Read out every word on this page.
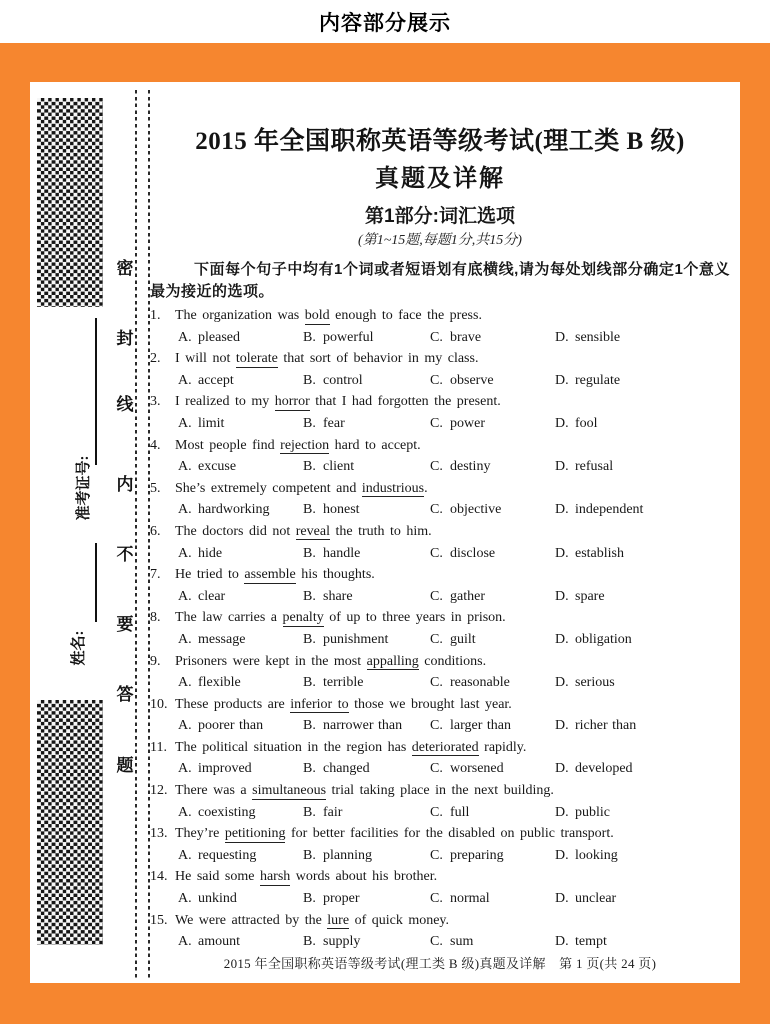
内容部分展示
准考证号:
姓名:
密
封
线
内
不
要
答
题
2015 年全国职称英语等级考试(理工类 B 级)
真题及详解
第1部分:词汇选项
(第1~15题,每题1分,共15分)
下面每个句子中均有1个词或者短语划有底横线,请为每处划线部分确定1个意义最为接近的选项。
1. The organization was bold enough to face the press.
A. pleased	B. powerful	C. brave	D. sensible
2. I will not tolerate that sort of behavior in my class.
A. accept	B. control	C. observe	D. regulate
3. I realized to my horror that I had forgotten the present.
A. limit	B. fear	C. power	D. fool
4. Most people find rejection hard to accept.
A. excuse	B. client	C. destiny	D. refusal
5. She’s extremely competent and industrious.
A. hardworking	B. honest	C. objective	D. independent
6. The doctors did not reveal the truth to him.
A. hide	B. handle	C. disclose	D. establish
7. He tried to assemble his thoughts.
A. clear	B. share	C. gather	D. spare
8. The law carries a penalty of up to three years in prison.
A. message	B. punishment	C. guilt	D. obligation
9. Prisoners were kept in the most appalling conditions.
A. flexible	B. terrible	C. reasonable	D. serious
10. These products are inferior to those we brought last year.
A. poorer than	B. narrower than	C. larger than	D. richer than
11. The political situation in the region has deteriorated rapidly.
A. improved	B. changed	C. worsened	D. developed
12. There was a simultaneous trial taking place in the next building.
A. coexisting	B. fair	C. full	D. public
13. They’re petitioning for better facilities for the disabled on public transport.
A. requesting	B. planning	C. preparing	D. looking
14. He said some harsh words about his brother.
A. unkind	B. proper	C. normal	D. unclear
15. We were attracted by the lure of quick money.
A. amount	B. supply	C. sum	D. tempt
2015 年全国职称英语等级考试(理工类 B 级)真题及详解　第 1 页(共 24 页)
